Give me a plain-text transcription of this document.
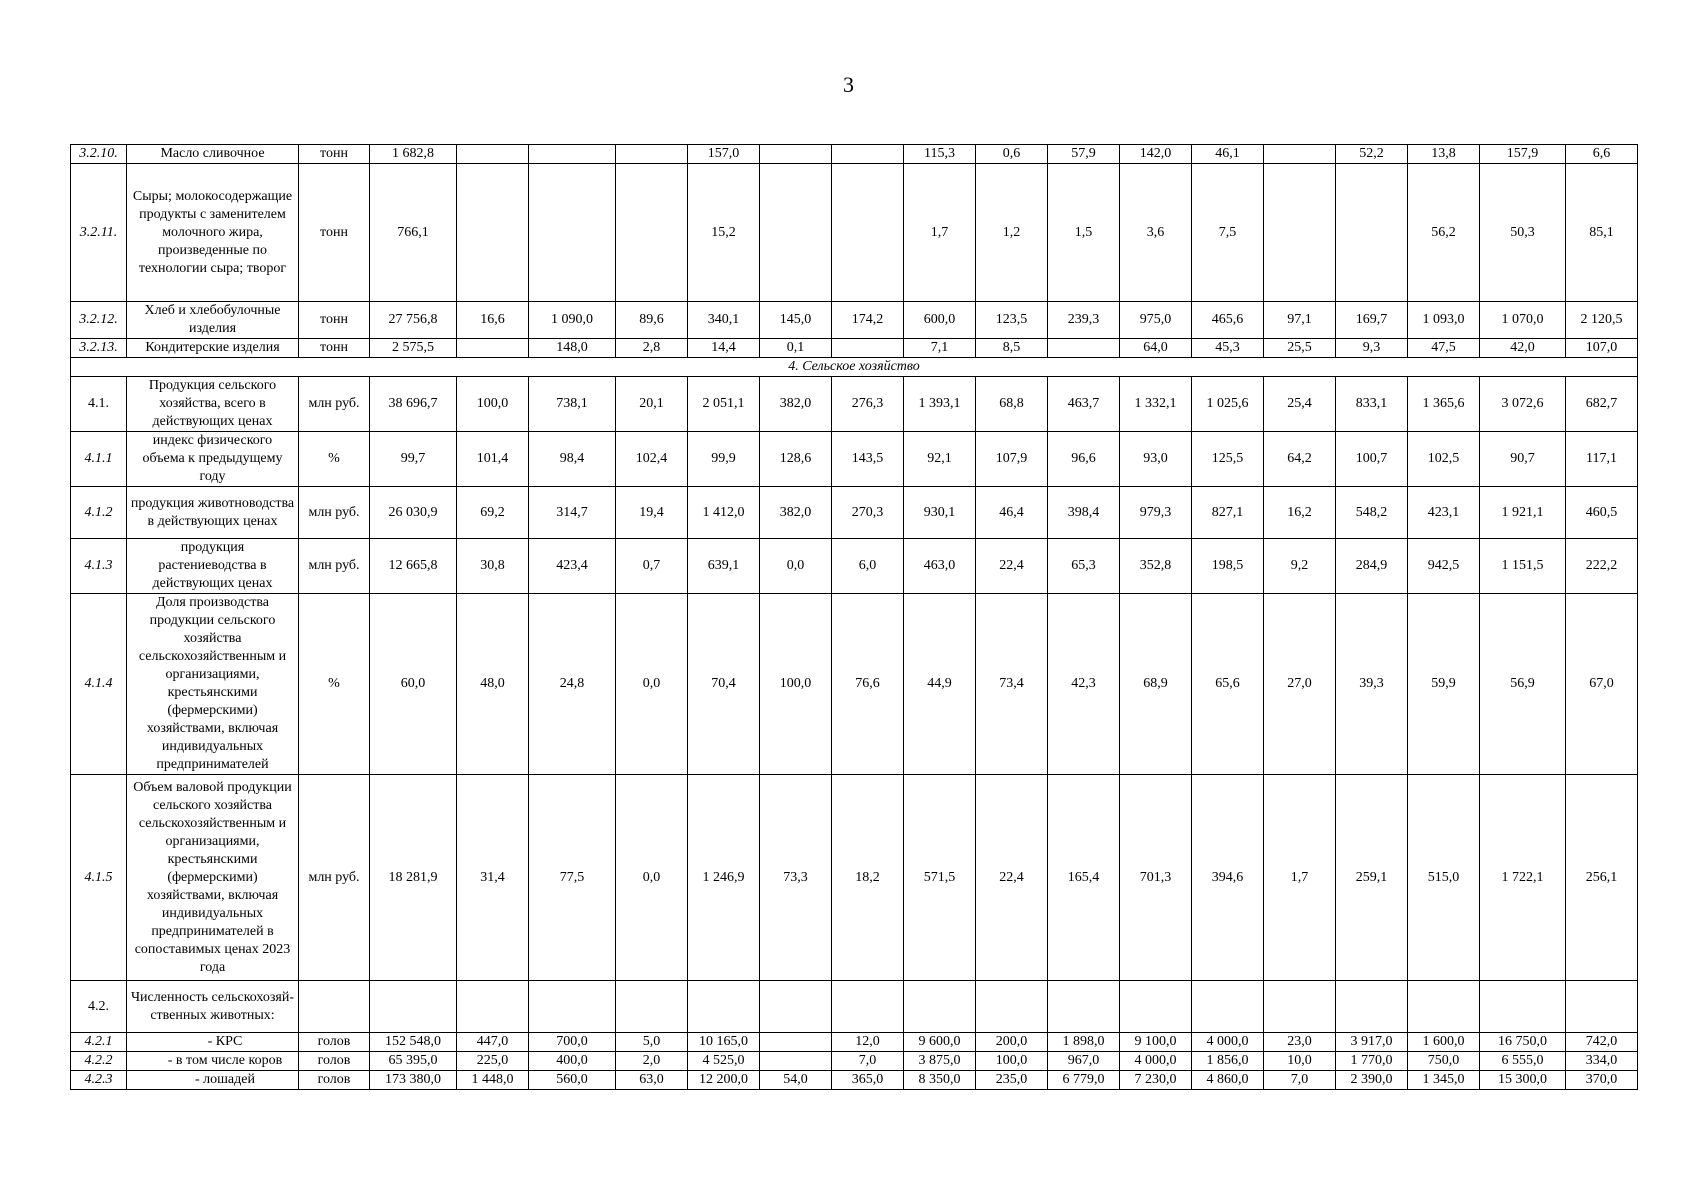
3
3.2.10.	Масло сливочное	тонн	1 682,8				157,0			115,3	0,6	57,9	142,0	46,1		52,2	13,8	157,9	6,6
3.2.11.	Сыры; молокосодержащие продукты с заменителем молочного жира, произведенные по технологии сыра; творог	тонн	766,1				15,2			1,7	1,2	1,5	3,6	7,5			56,2	50,3	85,1
3.2.12.	Хлеб и хлебобулочные изделия	тонн	27 756,8	16,6	1 090,0	89,6	340,1	145,0	174,2	600,0	123,5	239,3	975,0	465,6	97,1	169,7	1 093,0	1 070,0	2 120,5
3.2.13.	Кондитерские изделия	тонн	2 575,5		148,0	2,8	14,4	0,1		7,1	8,5		64,0	45,3	25,5	9,3	47,5	42,0	107,0
4. Сельское хозяйство																			
4.1.	Продукция сельского хозяйства, всего в действующих ценах	млн руб.	38 696,7	100,0	738,1	20,1	2 051,1	382,0	276,3	1 393,1	68,8	463,7	1 332,1	1 025,6	25,4	833,1	1 365,6	3 072,6	682,7
4.1.1	индекс физического объема к предыдущему году	%	99,7	101,4	98,4	102,4	99,9	128,6	143,5	92,1	107,9	96,6	93,0	125,5	64,2	100,7	102,5	90,7	117,1
4.1.2	продукция животноводства в действующих ценах	млн руб.	26 030,9	69,2	314,7	19,4	1 412,0	382,0	270,3	930,1	46,4	398,4	979,3	827,1	16,2	548,2	423,1	1 921,1	460,5
4.1.3	продукция растениеводства в действующих ценах	млн руб.	12 665,8	30,8	423,4	0,7	639,1	0,0	6,0	463,0	22,4	65,3	352,8	198,5	9,2	284,9	942,5	1 151,5	222,2
4.1.4	Доля производства продукции сельского хозяйства сельскохозяйственным и организациями, крестьянскими (фермерскими) хозяйствами, включая индивидуальных предпринимателей	%	60,0	48,0	24,8	0,0	70,4	100,0	76,6	44,9	73,4	42,3	68,9	65,6	27,0	39,3	59,9	56,9	67,0
4.1.5	Объем валовой продукции сельского хозяйства сельскохозяйственным и организациями, крестьянскими (фермерскими) хозяйствами, включая индивидуальных предпринимателей в сопоставимых ценах 2023 года	млн руб.	18 281,9	31,4	77,5	0,0	1 246,9	73,3	18,2	571,5	22,4	165,4	701,3	394,6	1,7	259,1	515,0	1 722,1	256,1
4.2.	Численность сельскохозяй-ственных животных:																		
4.2.1	- КРС	голов	152 548,0	447,0	700,0	5,0	10 165,0		12,0	9 600,0	200,0	1 898,0	9 100,0	4 000,0	23,0	3 917,0	1 600,0	16 750,0	742,0
4.2.2	- в том числе коров	голов	65 395,0	225,0	400,0	2,0	4 525,0		7,0	3 875,0	100,0	967,0	4 000,0	1 856,0	10,0	1 770,0	750,0	6 555,0	334,0
4.2.3	- лошадей	голов	173 380,0	1 448,0	560,0	63,0	12 200,0	54,0	365,0	8 350,0	235,0	6 779,0	7 230,0	4 860,0	7,0	2 390,0	1 345,0	15 300,0	370,0
